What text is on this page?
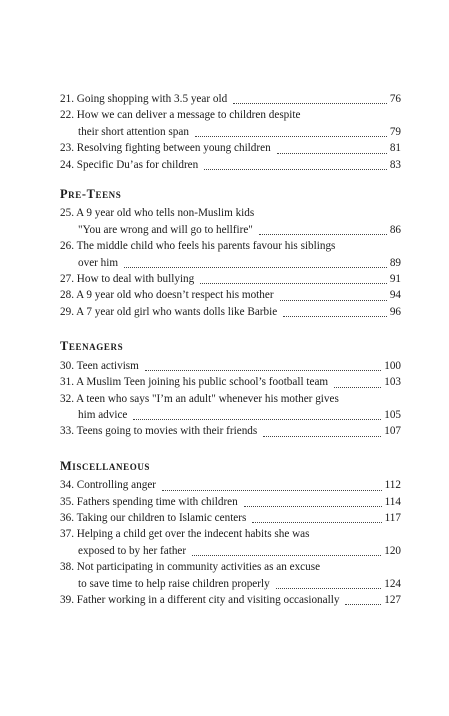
21. Going shopping with 3.5 year old	76
22. How we can deliver a message to children despite
their short attention span	79
23. Resolving fighting between young children	81
24. Specific Du’as for children	83
Pre-Teens
25. A 9 year old who tells non-Muslim kids
"You are wrong and will go to hellfire"	86
26. The middle child who feels his parents favour his siblings
over him	89
27. How to deal with bullying	91
28. A 9 year old who doesn’t respect his mother	94
29. A 7 year old girl who wants dolls like Barbie	96
Teenagers
30. Teen activism	100
31. A Muslim Teen joining his public school’s football team	103
32. A teen who says "I’m an adult" whenever his mother gives
him advice	105
33. Teens going to movies with their friends	107
Miscellaneous
34. Controlling anger	112
35. Fathers spending time with children	114
36. Taking our children to Islamic centers	117
37. Helping a child get over the indecent habits she was
exposed to by her father	120
38. Not participating in community activities as an excuse
to save time to help raise children properly	124
39. Father working in a different city and visiting occasionally	127
